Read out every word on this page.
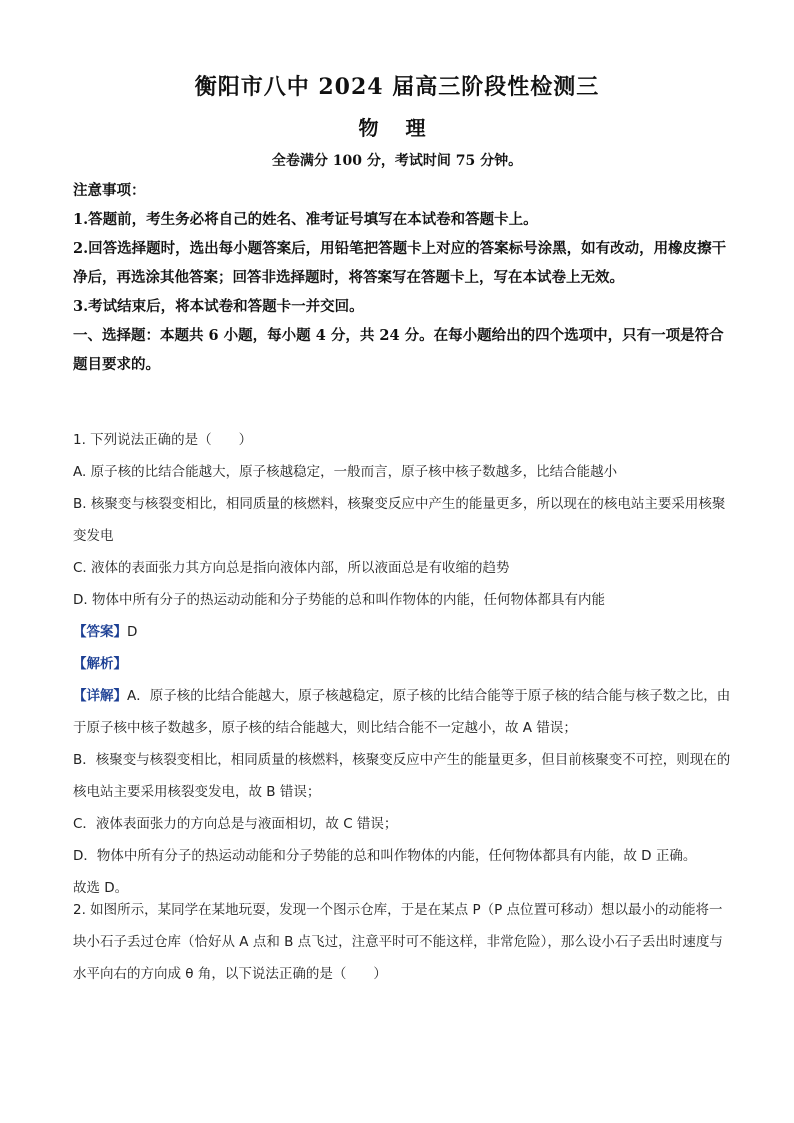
衡阳市八中 2024 届高三阶段性检测三
物 理
全卷满分 100 分，考试时间 75 分钟。

注意事项：

1.答题前，考生务必将自己的姓名、准考证号填写在本试卷和答题卡上。

2.回答选择题时，选出每小题答案后，用铅笔把答题卡上对应的答案标号涂黑，如有改动，用橡皮擦干净后，再选涂其他答案；回答非选择题时，将答案写在答题卡上，写在本试卷上无效。

3.考试结束后，将本试卷和答题卡一并交回。

一、选择题：本题共 6 小题，每小题 4 分，共 24 分。在每小题给出的四个选项中，只有一项是符合题目要求的。

1. 下列说法正确的是（　　）

A. 原子核的比结合能越大，原子核越稳定，一般而言，原子核中核子数越多，比结合能越小

B. 核聚变与核裂变相比，相同质量的核燃料，核聚变反应中产生的能量更多，所以现在的核电站主要采用核聚变发电

C. 液体的表面张力其方向总是指向液体内部，所以液面总是有收缩的趋势

D. 物体中所有分子的热运动动能和分子势能的总和叫作物体的内能，任何物体都具有内能

【答案】D

【解析】

【详解】A．原子核的比结合能越大，原子核越稳定，原子核的比结合能等于原子核的结合能与核子数之比，由于原子核中核子数越多，原子核的结合能越大，则比结合能不一定越小，故 A 错误；

B．核聚变与核裂变相比，相同质量的核燃料，核聚变反应中产生的能量更多，但目前核聚变不可控，则现在的核电站主要采用核裂变发电，故 B 错误；

C．液体表面张力的方向总是与液面相切，故 C 错误；

D．物体中所有分子的热运动动能和分子势能的总和叫作物体的内能，任何物体都具有内能，故 D 正确。

故选 D。

2. 如图所示，某同学在某地玩耍，发现一个图示仓库，于是在某点 P（P 点位置可移动）想以最小的动能将一块小石子丢过仓库（恰好从 A 点和 B 点飞过，注意平时可不能这样，非常危险），那么设小石子丢出时速度与水平向右的方向成 θ 角，以下说法正确的是（　　）
